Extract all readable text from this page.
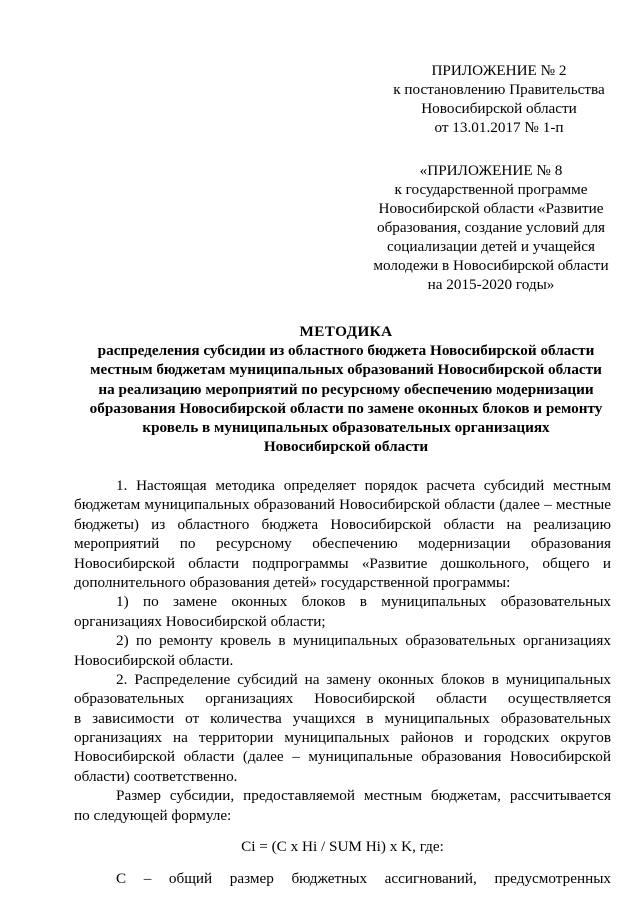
ПРИЛОЖЕНИЕ № 2
к постановлению Правительства
Новосибирской области
от 13.01.2017 № 1-п
«ПРИЛОЖЕНИЕ № 8
к государственной программе
Новосибирской области «Развитие
образования, создание условий для
социализации детей и учащейся
молодежи в Новосибирской области
на 2015-2020 годы»
МЕТОДИКА
распределения субсидии из областного бюджета Новосибирской области
местным бюджетам муниципальных образований Новосибирской области
на реализацию мероприятий по ресурсному обеспечению модернизации
образования Новосибирской области по замене оконных блоков и ремонту
кровель в муниципальных образовательных организациях
Новосибирской области
1. Настоящая методика определяет порядок расчета субсидий местным
бюджетам муниципальных образований Новосибирской области (далее – местные
бюджеты) из областного бюджета Новосибирской области на реализацию
мероприятий по ресурсному обеспечению модернизации образования
Новосибирской области подпрограммы «Развитие дошкольного, общего и
дополнительного образования детей» государственной программы:
1) по замене оконных блоков в муниципальных образовательных
организациях Новосибирской области;
2) по ремонту кровель в муниципальных образовательных организациях
Новосибирской области.
2. Распределение субсидий на замену оконных блоков в муниципальных
образовательных организациях Новосибирской области осуществляется
в зависимости от количества учащихся в муниципальных образовательных
организациях на территории муниципальных районов и городских округов
Новосибирской области (далее – муниципальные образования Новосибирской
области) соответственно.
Размер субсидии, предоставляемой местным бюджетам, рассчитывается
по следующей формуле:
Ci = (C x Hi / SUM Hi) x K, где:
C – общий размер бюджетных ассигнований, предусмотренных
